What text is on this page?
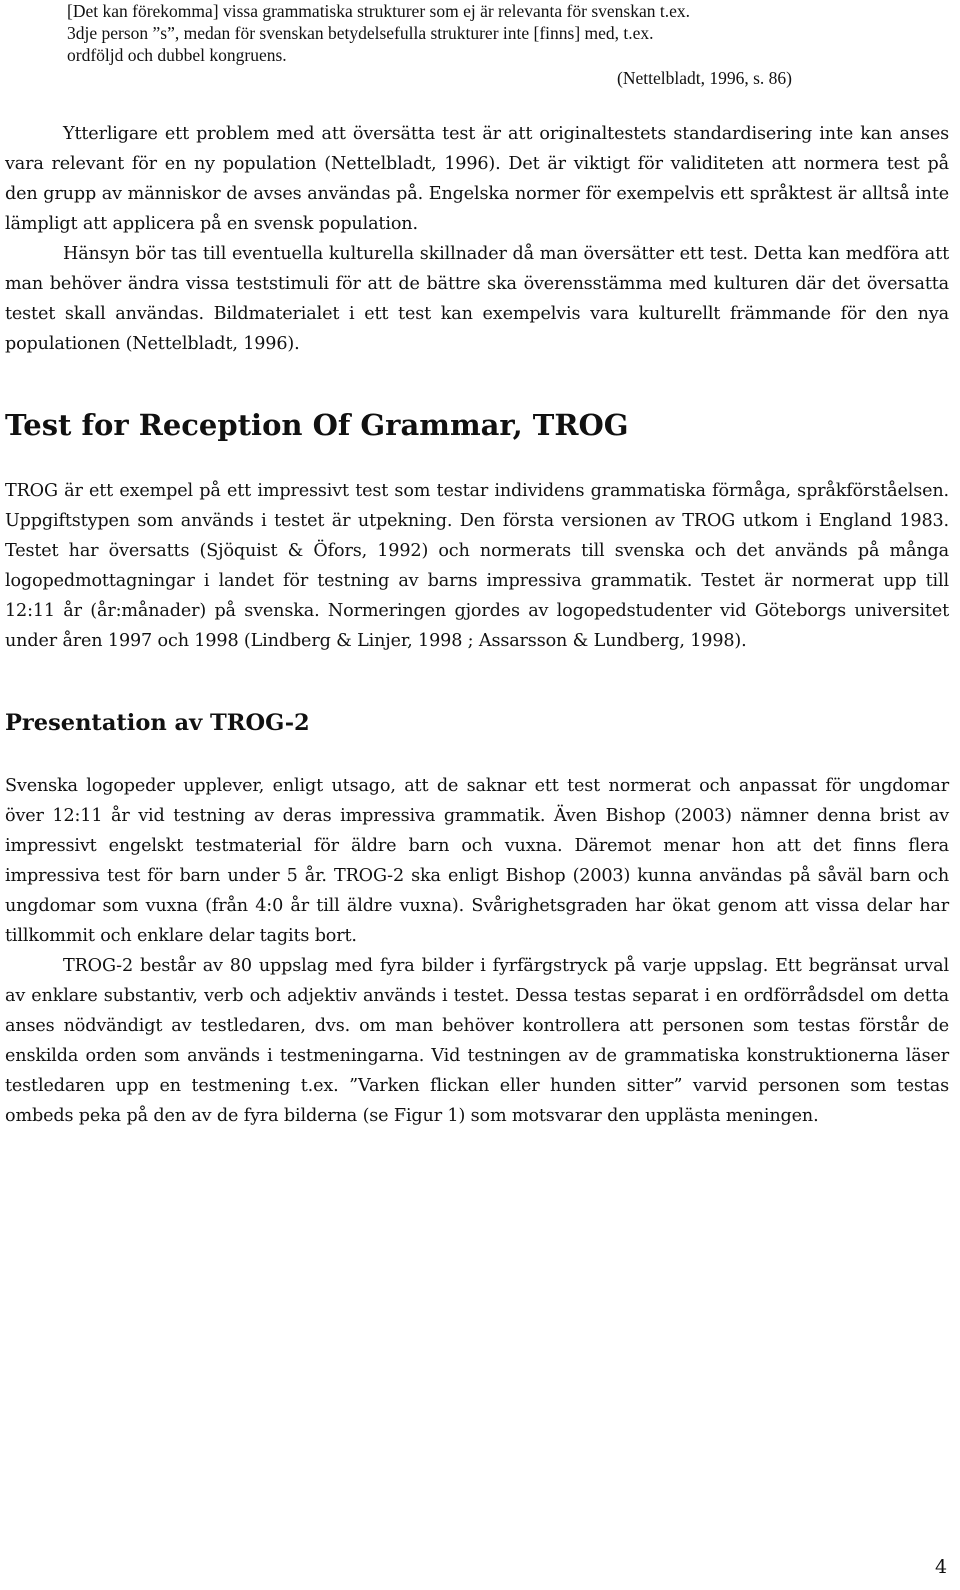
[Det kan förekomma] vissa grammatiska strukturer som ej är relevanta för svenskan t.ex.

3dje person ”s”, medan för svenskan betydelsefulla strukturer inte [finns] med, t.ex.

ordföljd och dubbel kongruens.

(Nettelbladt, 1996, s. 86)

Ytterligare ett problem med att översätta test är att originaltestets standardisering inte kan anses vara relevant för en ny population (Nettelbladt, 1996). Det är viktigt för validiteten att normera test på den grupp av människor de avses användas på. Engelska normer för exempelvis ett språktest är alltså inte lämpligt att applicera på en svensk population.

Hänsyn bör tas till eventuella kulturella skillnader då man översätter ett test. Detta kan medföra att man behöver ändra vissa teststimuli för att de bättre ska överensstämma med kulturen där det översatta testet skall användas. Bildmaterialet i ett test kan exempelvis vara kulturellt främmande för den nya populationen (Nettelbladt, 1996).

Test for Reception Of Grammar, TROG

TROG är ett exempel på ett impressivt test som testar individens grammatiska förmåga, språkförståelsen. Uppgiftstypen som används i testet är utpekning. Den första versionen av TROG utkom i England 1983. Testet har översatts (Sjöquist & Öfors, 1992) och normerats till svenska och det används på många logopedmottagningar i landet för testning av barns impressiva grammatik. Testet är normerat upp till 12:11 år (år:månader) på svenska. Normeringen gjordes av logopedstudenter vid Göteborgs universitet under åren 1997 och 1998 (Lindberg & Linjer, 1998 ; Assarsson & Lundberg, 1998).

Presentation av TROG-2

Svenska logopeder upplever, enligt utsago, att de saknar ett test normerat och anpassat för ungdomar över 12:11 år vid testning av deras impressiva grammatik. Även Bishop (2003) nämner denna brist av impressivt engelskt testmaterial för äldre barn och vuxna. Däremot menar hon att det finns flera impressiva test för barn under 5 år. TROG-2 ska enligt Bishop (2003) kunna användas på såväl barn och ungdomar som vuxna (från 4:0 år till äldre vuxna). Svårighetsgraden har ökat genom att vissa delar har tillkommit och enklare delar tagits bort.

TROG-2 består av 80 uppslag med fyra bilder i fyrfärgstryck på varje uppslag. Ett begränsat urval av enklare substantiv, verb och adjektiv används i testet. Dessa testas separat i en ordförrådsdel om detta anses nödvändigt av testledaren, dvs. om man behöver kontrollera att personen som testas förstår de enskilda orden som används i testmeningarna. Vid testningen av de grammatiska konstruktionerna läser testledaren upp en testmening t.ex. ”Varken flickan eller hunden sitter” varvid personen som testas ombeds peka på den av de fyra bilderna (se Figur 1) som motsvarar den upplästa meningen.

4
